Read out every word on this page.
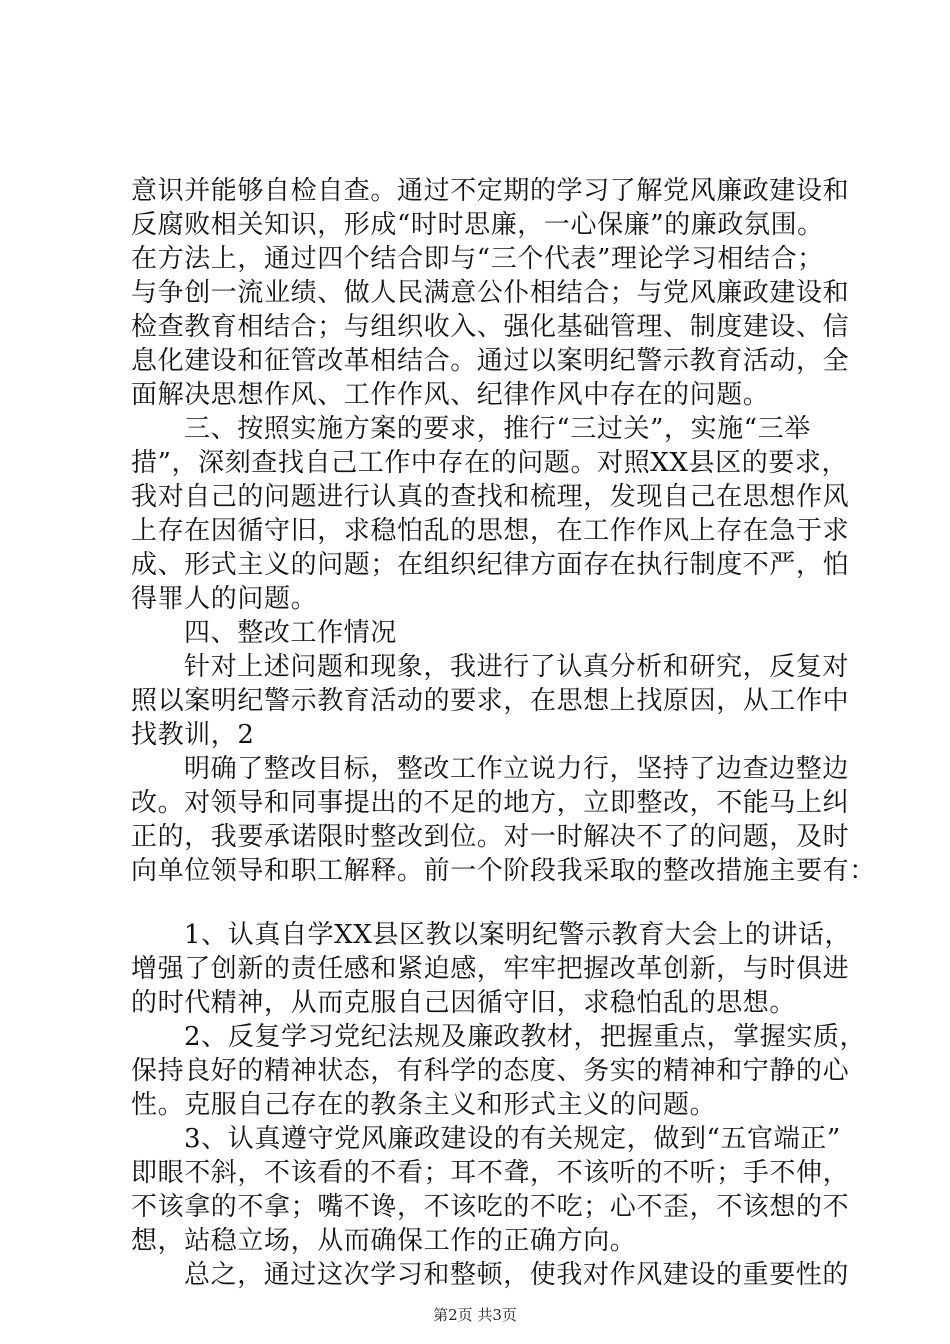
意识并能够自检自查。通过不定期的学习了解党风廉政建设和
反腐败相关知识，形成“时时思廉，一心保廉”的廉政氛围。
在方法上，通过四个结合即与“三个代表”理论学习相结合；
与争创一流业绩、做人民满意公仆相结合；与党风廉政建设和
检查教育相结合；与组织收入、强化基础管理、制度建设、信
息化建设和征管改革相结合。通过以案明纪警示教育活动，全
面解决思想作风、工作作风、纪律作风中存在的问题。
三、按照实施方案的要求，推行“三过关”，实施“三举
措”，深刻查找自己工作中存在的问题。对照XX县区的要求，
我对自己的问题进行认真的查找和梳理，发现自己在思想作风
上存在因循守旧，求稳怕乱的思想，在工作作风上存在急于求
成、形式主义的问题；在组织纪律方面存在执行制度不严，怕
得罪人的问题。
四、整改工作情况
针对上述问题和现象，我进行了认真分析和研究，反复对
照以案明纪警示教育活动的要求，在思想上找原因，从工作中
找教训，2
明确了整改目标，整改工作立说力行，坚持了边查边整边
改。对领导和同事提出的不足的地方，立即整改，不能马上纠
正的，我要承诺限时整改到位。对一时解决不了的问题，及时
向单位领导和职工解释。前一个阶段我采取的整改措施主要有：
1、认真自学XX县区教以案明纪警示教育大会上的讲话，
增强了创新的责任感和紧迫感，牢牢把握改革创新，与时俱进
的时代精神，从而克服自己因循守旧，求稳怕乱的思想。
2、反复学习党纪法规及廉政教材，把握重点，掌握实质，
保持良好的精神状态，有科学的态度、务实的精神和宁静的心
性。克服自己存在的教条主义和形式主义的问题。
3、认真遵守党风廉政建设的有关规定，做到“五官端正”
即眼不斜，不该看的不看；耳不聋，不该听的不听；手不伸，
不该拿的不拿；嘴不谗，不该吃的不吃；心不歪，不该想的不
想，站稳立场，从而确保工作的正确方向。
总之，通过这次学习和整顿，使我对作风建设的重要性的
第2页 共3页
